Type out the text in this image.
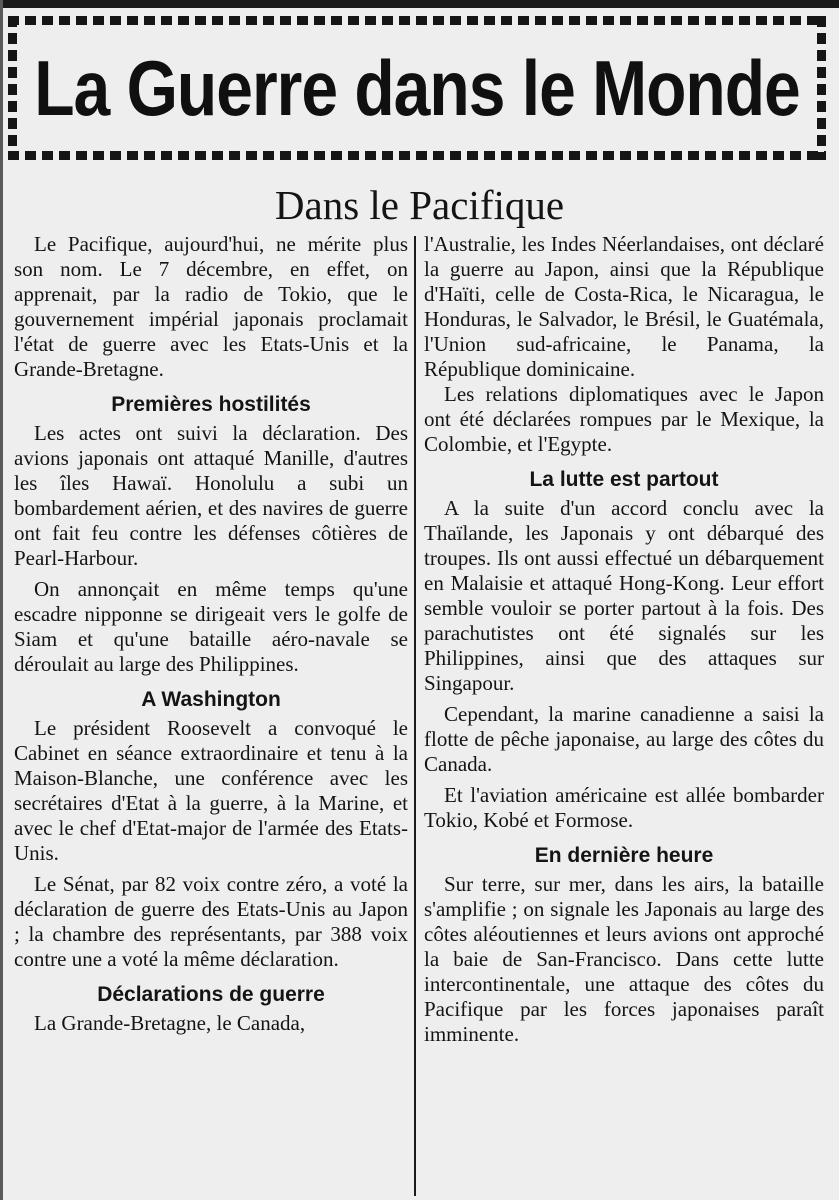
La Guerre dans le Monde
Dans le Pacifique

Le Pacifique, aujourd'hui, ne mérite plus son nom. Le 7 décembre, en effet, on apprenait, par la radio de Tokio, que le gouvernement impérial japonais proclamait l'état de guerre avec les Etats-Unis et la Grande-Bretagne.

Premières hostilités

Les actes ont suivi la déclaration. Des avions japonais ont attaqué Manille, d'autres les îles Hawaï. Honolulu a subi un bombardement aérien, et des navires de guerre ont fait feu contre les défenses côtières de Pearl-Harbour.

On annonçait en même temps qu'une escadre nipponne se dirigeait vers le golfe de Siam et qu'une bataille aéro-navale se déroulait au large des Philippines.

A Washington

Le président Roosevelt a convoqué le Cabinet en séance extraordinaire et tenu à la Maison-Blanche, une conférence avec les secrétaires d'Etat à la guerre, à la Marine, et avec le chef d'Etat-major de l'armée des Etats-Unis.

Le Sénat, par 82 voix contre zéro, a voté la déclaration de guerre des Etats-Unis au Japon ; la chambre des représentants, par 388 voix contre une a voté la même déclaration.

Déclarations de guerre

La Grande-Bretagne, le Canada,

l'Australie, les Indes Néerlandaises, ont déclaré la guerre au Japon, ainsi que la République d'Haïti, celle de Costa-Rica, le Nicaragua, le Honduras, le Salvador, le Brésil, le Guatémala, l'Union sud-africaine, le Panama, la République dominicaine.

Les relations diplomatiques avec le Japon ont été déclarées rompues par le Mexique, la Colombie, et l'Egypte.

La lutte est partout

A la suite d'un accord conclu avec la Thaïlande, les Japonais y ont débarqué des troupes. Ils ont aussi effectué un débarquement en Malaisie et attaqué Hong-Kong. Leur effort semble vouloir se porter partout à la fois. Des parachutistes ont été signalés sur les Philippines, ainsi que des attaques sur Singapour.

Cependant, la marine canadienne a saisi la flotte de pêche japonaise, au large des côtes du Canada.

Et l'aviation américaine est allée bombarder Tokio, Kobé et Formose.

En dernière heure

Sur terre, sur mer, dans les airs, la bataille s'amplifie ; on signale les Japonais au large des côtes aléoutiennes et leurs avions ont approché la baie de San-Francisco. Dans cette lutte intercontinentale, une attaque des côtes du Pacifique par les forces japonaises paraît imminente.
